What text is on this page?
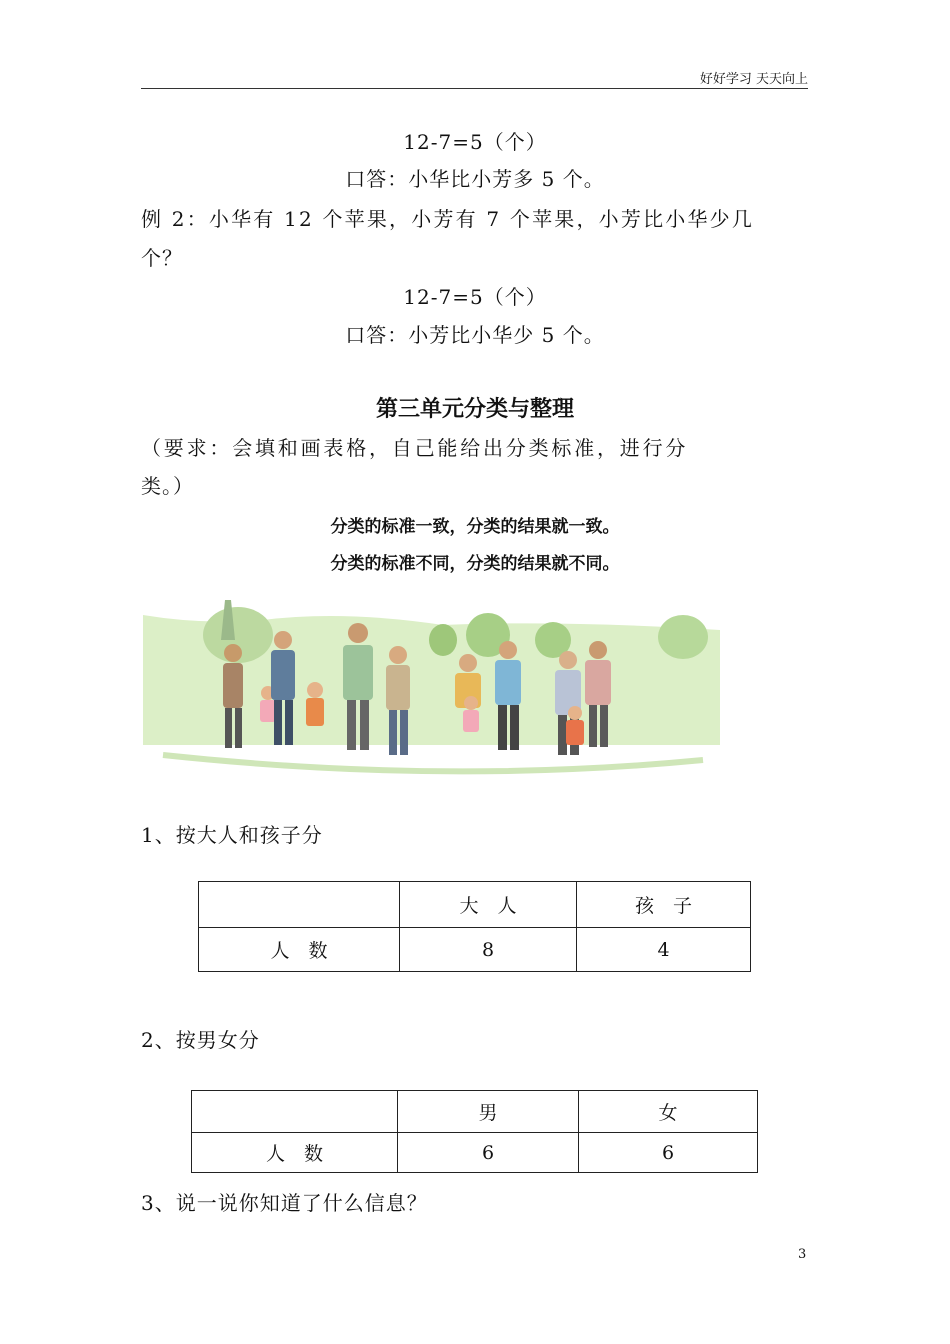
好好学习 天天向上
12-7=5（个）
口答：小华比小芳多 5 个。
例 2：小华有 12 个苹果，小芳有 7 个苹果，小芳比小华少几
个？
12-7=5（个）
口答：小芳比小华少 5 个。
第三单元分类与整理
（要求：会填和画表格，自己能给出分类标准，进行分
类。）
分类的标准一致，分类的结果就一致。
分类的标准不同，分类的结果就不同。
1、按大人和孩子分
	大　人	孩　子
人　数	8	4
2、按男女分
	男	女
人　数	6	6
3、说一说你知道了什么信息？
3
